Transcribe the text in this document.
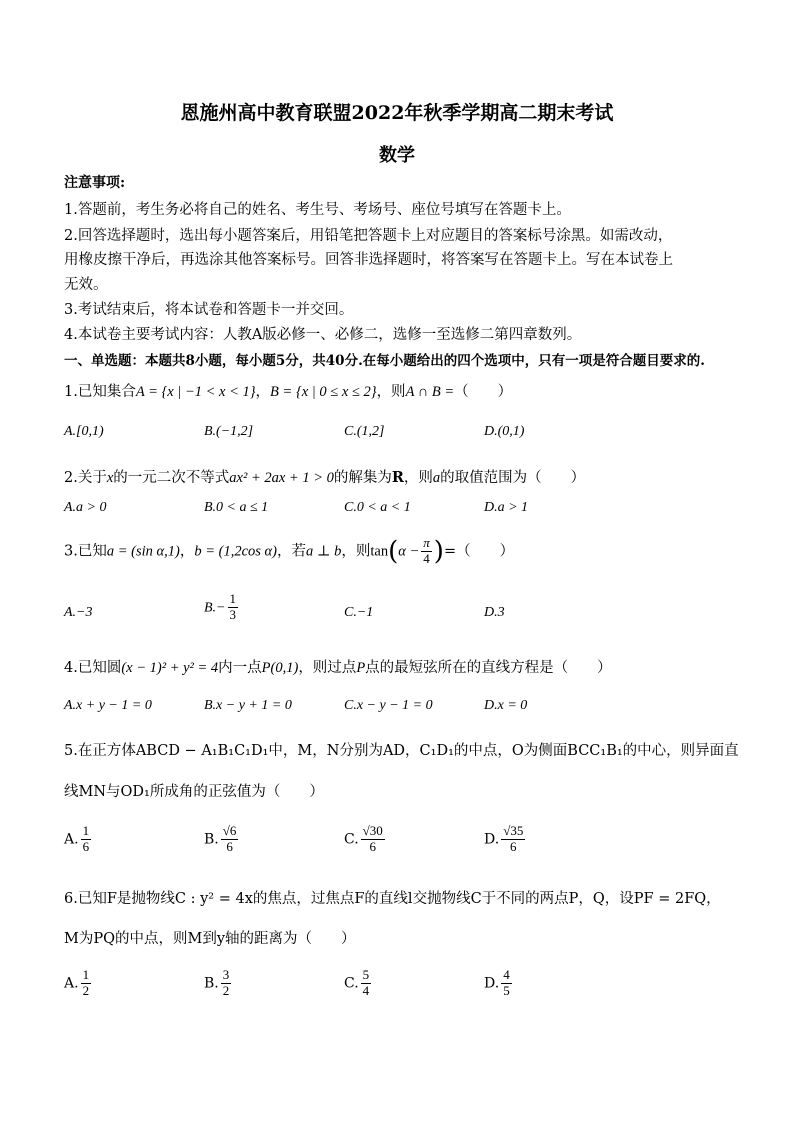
恩施州高中教育联盟2022年秋季学期高二期末考试
数学
注意事项:
1.答题前，考生务必将自己的姓名、考生号、考场号、座位号填写在答题卡上。
2.回答选择题时，选出每小题答案后，用铅笔把答题卡上对应题目的答案标号涂黑。如需改动，
用橡皮擦干净后，再选涂其他答案标号。回答非选择题时，将答案写在答题卡上。写在本试卷上
无效。
3.考试结束后，将本试卷和答题卡一并交回。
4.本试卷主要考试内容：人教A版必修一、必修二，选修一至选修二第四章数列。
一、单选题：本题共8小题，每小题5分，共40分.在每小题给出的四个选项中，只有一项是符合题目要求的.
1.已知集合A = {x | −1 < x < 1}，B = {x | 0 ≤ x ≤ 2}，则A ∩ B =（　　）
A.[0,1)	B.(−1,2]	C.(1,2]	D.(0,1)
2.关于x的一元二次不等式ax² + 2ax + 1 > 0的解集为R，则a的取值范围为（　　）
A.a > 0	B.0 < a ≤ 1	C.0 < a < 1	D.a > 1
3.已知a = (sin α,1)，b = (1,2cos α)，若a ⊥ b，则$\tan(\alpha - \frac{\pi}{4}$ )=（　　）
A.−3	$B.- \frac{1}{3}$	C.−1	D.3
4.已知圆(x − 1)² + y² = 4内一点P(0,1)，则过点P点的最短弦所在的直线方程是（　　）
A.x + y − 1 = 0	B.x − y + 1 = 0	C.x − y − 1 = 0	D.x = 0
5.在正方体ABCD − A₁B₁C₁D₁中，M，N分别为AD，C₁D₁的中点，O为侧面BCC₁B₁的中心，则异面直
线MN与OD₁所成角的正弦值为（　　）
A. $\frac{1}{6}$	B. $\frac{√6}{6}$	C. $\frac{√30}{6}$	D. $\frac{√35}{6}$
6.已知F是抛物线C : y² = 4x的焦点，过焦点F的直线l交抛物线C于不同的两点P，Q，设PF = 2FQ，
M为PQ的中点，则M到y轴的距离为（　　）
A. $\frac{1}{2}$	B. $\frac{3}{2}$	C. $\frac{5}{4}$	D. $\frac{4}{5}$
